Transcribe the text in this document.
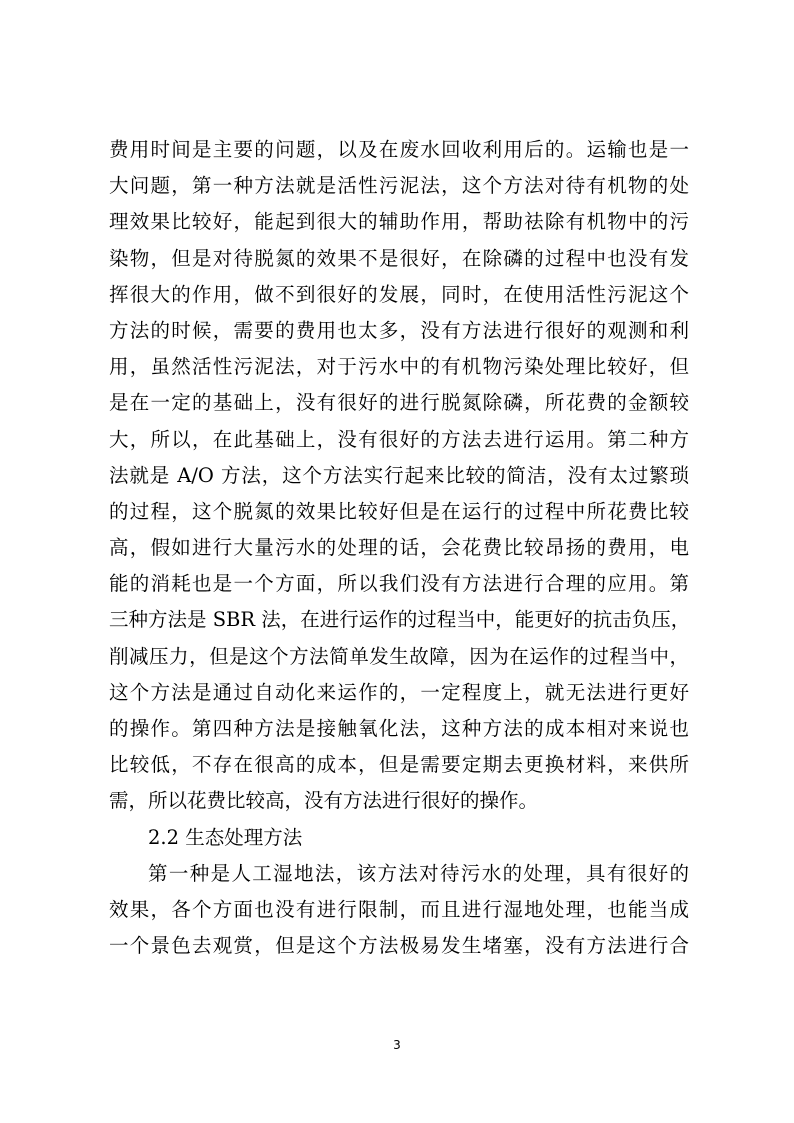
费用时间是主要的问题，以及在废水回收利用后的。运输也是一
大问题，第一种方法就是活性污泥法，这个方法对待有机物的处
理效果比较好，能起到很大的辅助作用，帮助祛除有机物中的污
染物，但是对待脱氮的效果不是很好，在除磷的过程中也没有发
挥很大的作用，做不到很好的发展，同时，在使用活性污泥这个
方法的时候，需要的费用也太多，没有方法进行很好的观测和利
用，虽然活性污泥法，对于污水中的有机物污染处理比较好，但
是在一定的基础上，没有很好的进行脱氮除磷，所花费的金额较
大，所以，在此基础上，没有很好的方法去进行运用。第二种方
法就是 A/O 方法，这个方法实行起来比较的简洁，没有太过繁琐
的过程，这个脱氮的效果比较好但是在运行的过程中所花费比较
高，假如进行大量污水的处理的话，会花费比较昂扬的费用，电
能的消耗也是一个方面，所以我们没有方法进行合理的应用。第
三种方法是 SBR 法，在进行运作的过程当中，能更好的抗击负压，
削减压力，但是这个方法简单发生故障，因为在运作的过程当中，
这个方法是通过自动化来运作的，一定程度上，就无法进行更好
的操作。第四种方法是接触氧化法，这种方法的成本相对来说也
比较低，不存在很高的成本，但是需要定期去更换材料，来供所
需，所以花费比较高，没有方法进行很好的操作。
2.2 生态处理方法
第一种是人工湿地法，该方法对待污水的处理，具有很好的
效果，各个方面也没有进行限制，而且进行湿地处理，也能当成
一个景色去观赏，但是这个方法极易发生堵塞，没有方法进行合
3
